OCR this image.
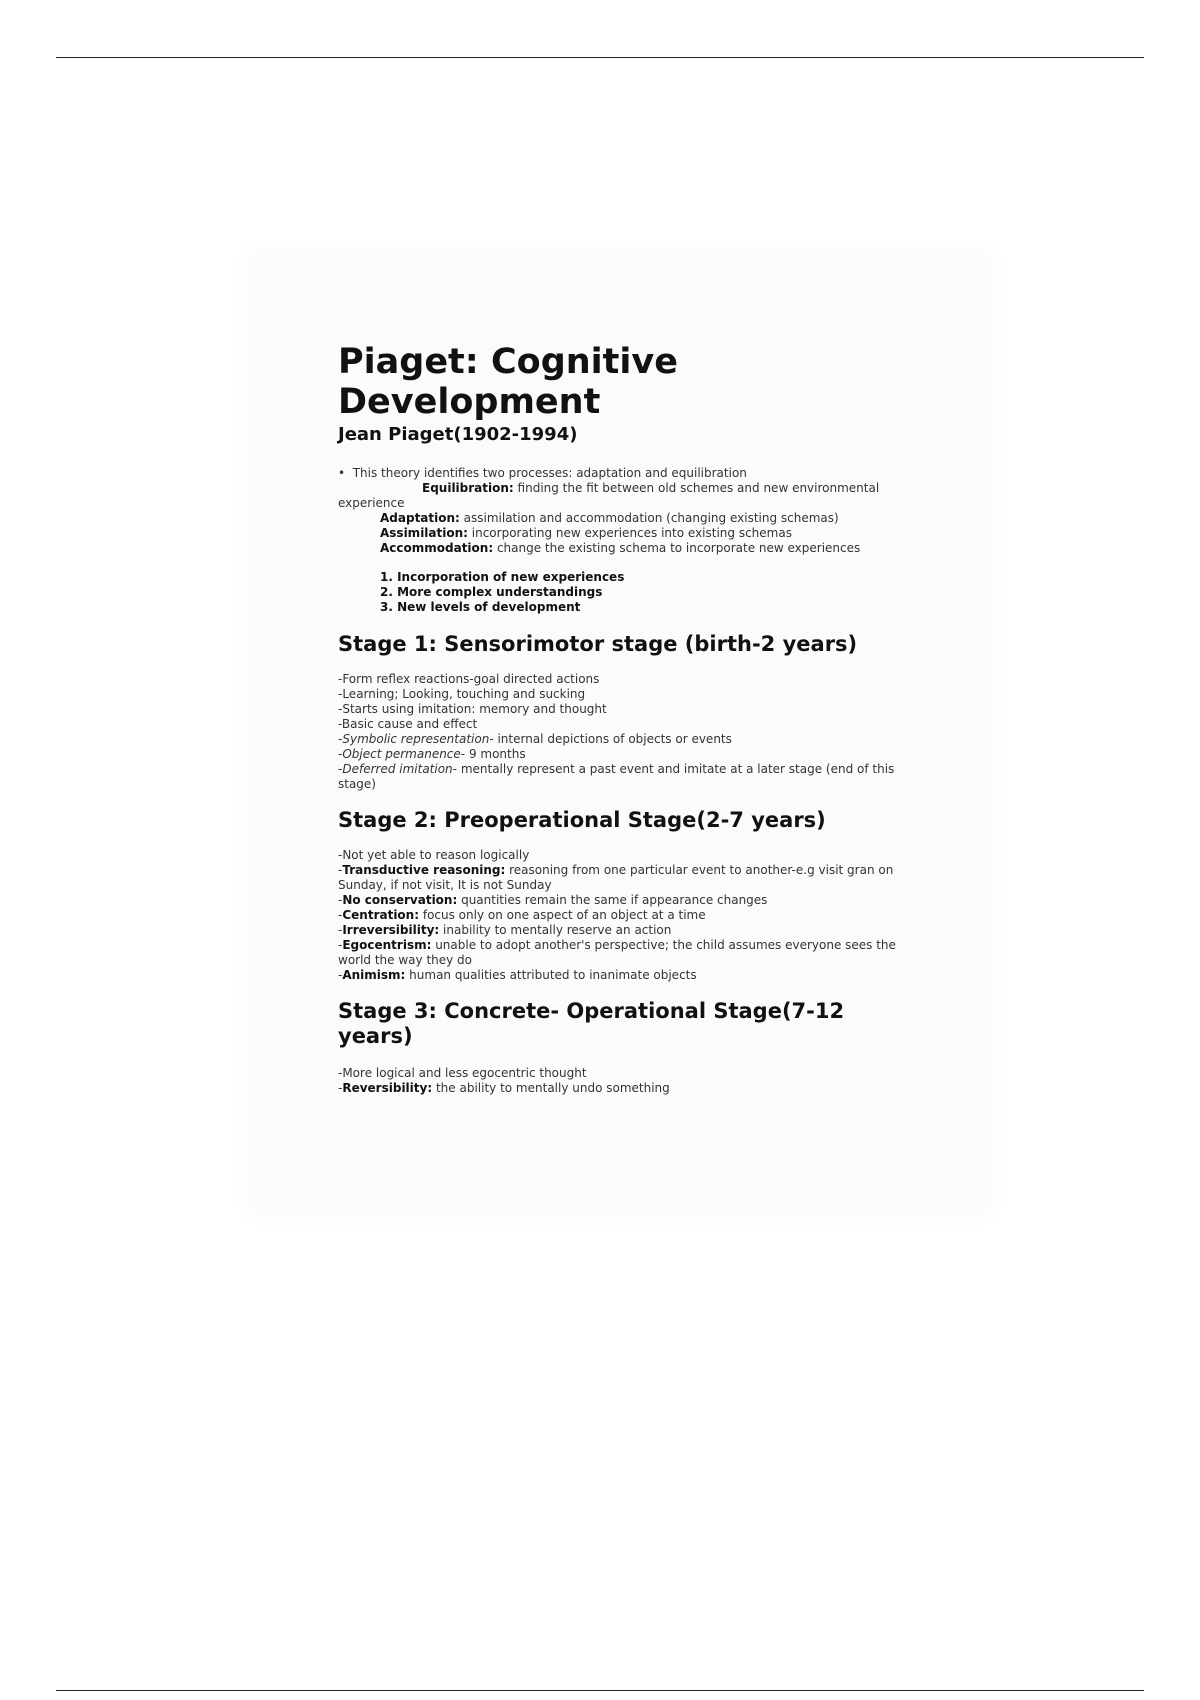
Piaget: Cognitive Development
Jean Piaget(1902-1994)

• This theory identifies two processes: adaptation and equilibration

Equilibration: finding the fit between old schemes and new environmental experience

Adaptation: assimilation and accommodation (changing existing schemas)

Assimilation: incorporating new experiences into existing schemas

Accommodation: change the existing schema to incorporate new experiences

1. Incorporation of new experiences
2. More complex understandings
3. New levels of development
Stage 1: Sensorimotor stage (birth-2 years)

-Form reflex reactions-goal directed actions

-Learning; Looking, touching and sucking

-Starts using imitation: memory and thought

-Basic cause and effect

-Symbolic representation- internal depictions of objects or events

-Object permanence- 9 months

-Deferred imitation- mentally represent a past event and imitate at a later stage (end of this stage)

Stage 2: Preoperational Stage(2-7 years)

-Not yet able to reason logically

-Transductive reasoning: reasoning from one particular event to another-e.g visit gran on Sunday, if not visit, It is not Sunday

-No conservation: quantities remain the same if appearance changes

-Centration: focus only on one aspect of an object at a time

-Irreversibility: inability to mentally reserve an action

-Egocentrism: unable to adopt another's perspective; the child assumes everyone sees the world the way they do

-Animism: human qualities attributed to inanimate objects

Stage 3: Concrete- Operational Stage(7-12 years)

-More logical and less egocentric thought

-Reversibility: the ability to mentally undo something
